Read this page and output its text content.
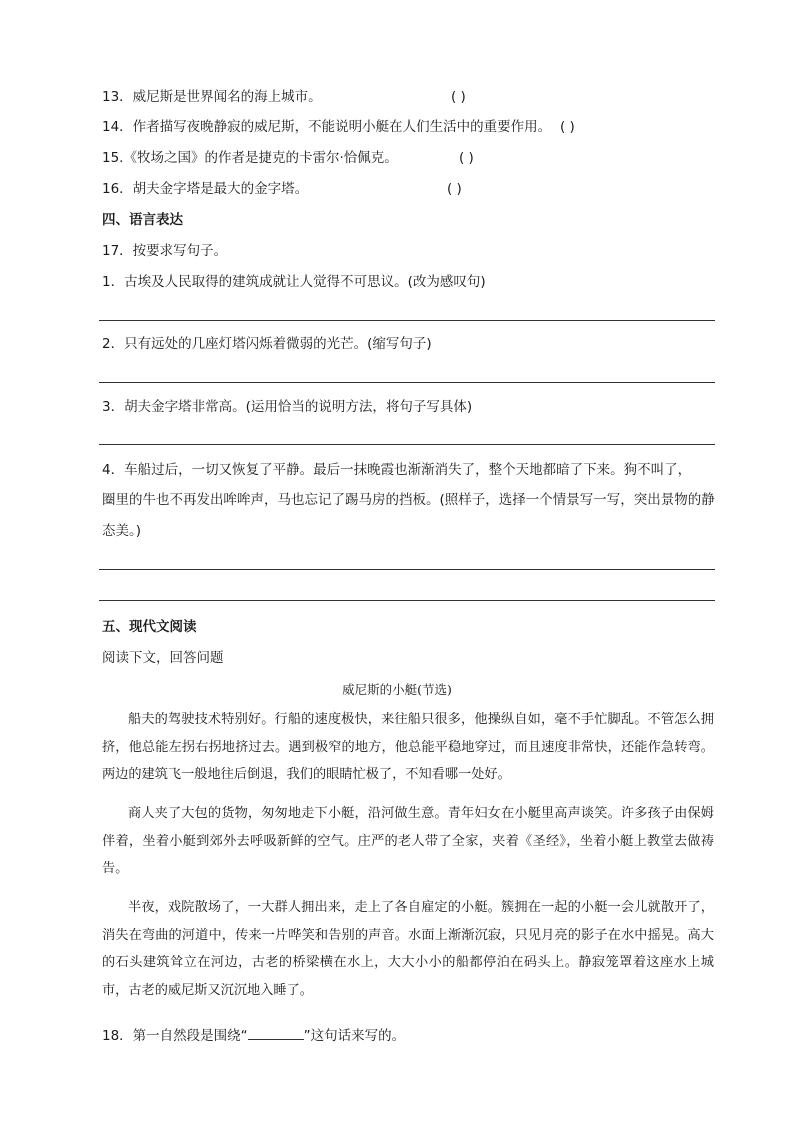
13．威尼斯是世界闻名的海上城市。	( )
14．作者描写夜晚静寂的威尼斯，不能说明小艇在人们生活中的重要作用。 ( )
15.《牧场之国》的作者是捷克的卡雷尔·恰佩克。	( )
16．胡夫金字塔是最大的金字塔。	( )
四、语言表达
17．按要求写句子。
1．古埃及人民取得的建筑成就让人觉得不可思议。(改为感叹句)
2．只有远处的几座灯塔闪烁着微弱的光芒。(缩写句子)
3．胡夫金字塔非常高。(运用恰当的说明方法，将句子写具体)
4．车船过后，一切又恢复了平静。最后一抹晚霞也渐渐消失了，整个天地都暗了下来。狗不叫了，
圈里的牛也不再发出哞哞声，马也忘记了踢马房的挡板。(照样子，选择一个情景写一写，突出景物的静
态美。)
五、现代文阅读
阅读下文，回答问题
威尼斯的小艇(节选)

船夫的驾驶技术特别好。行船的速度极快，来往船只很多，他操纵自如，毫不手忙脚乱。不管怎么拥挤，他总能左拐右拐地挤过去。遇到极窄的地方，他总能平稳地穿过，而且速度非常快，还能作急转弯。两边的建筑飞一般地往后倒退，我们的眼睛忙极了，不知看哪一处好。

商人夹了大包的货物，匆匆地走下小艇，沿河做生意。青年妇女在小艇里高声谈笑。许多孩子由保姆伴着，坐着小艇到郊外去呼吸新鲜的空气。庄严的老人带了全家，夹着《圣经》，坐着小艇上教堂去做祷告。

半夜，戏院散场了，一大群人拥出来，走上了各自雇定的小艇。簇拥在一起的小艇一会儿就散开了，消失在弯曲的河道中，传来一片哗笑和告别的声音。水面上渐渐沉寂，只见月亮的影子在水中摇晃。高大的石头建筑耸立在河边，古老的桥梁横在水上，大大小小的船都停泊在码头上。静寂笼罩着这座水上城市，古老的威尼斯又沉沉地入睡了。

18．第一自然段是围绕“	”这句话来写的。
